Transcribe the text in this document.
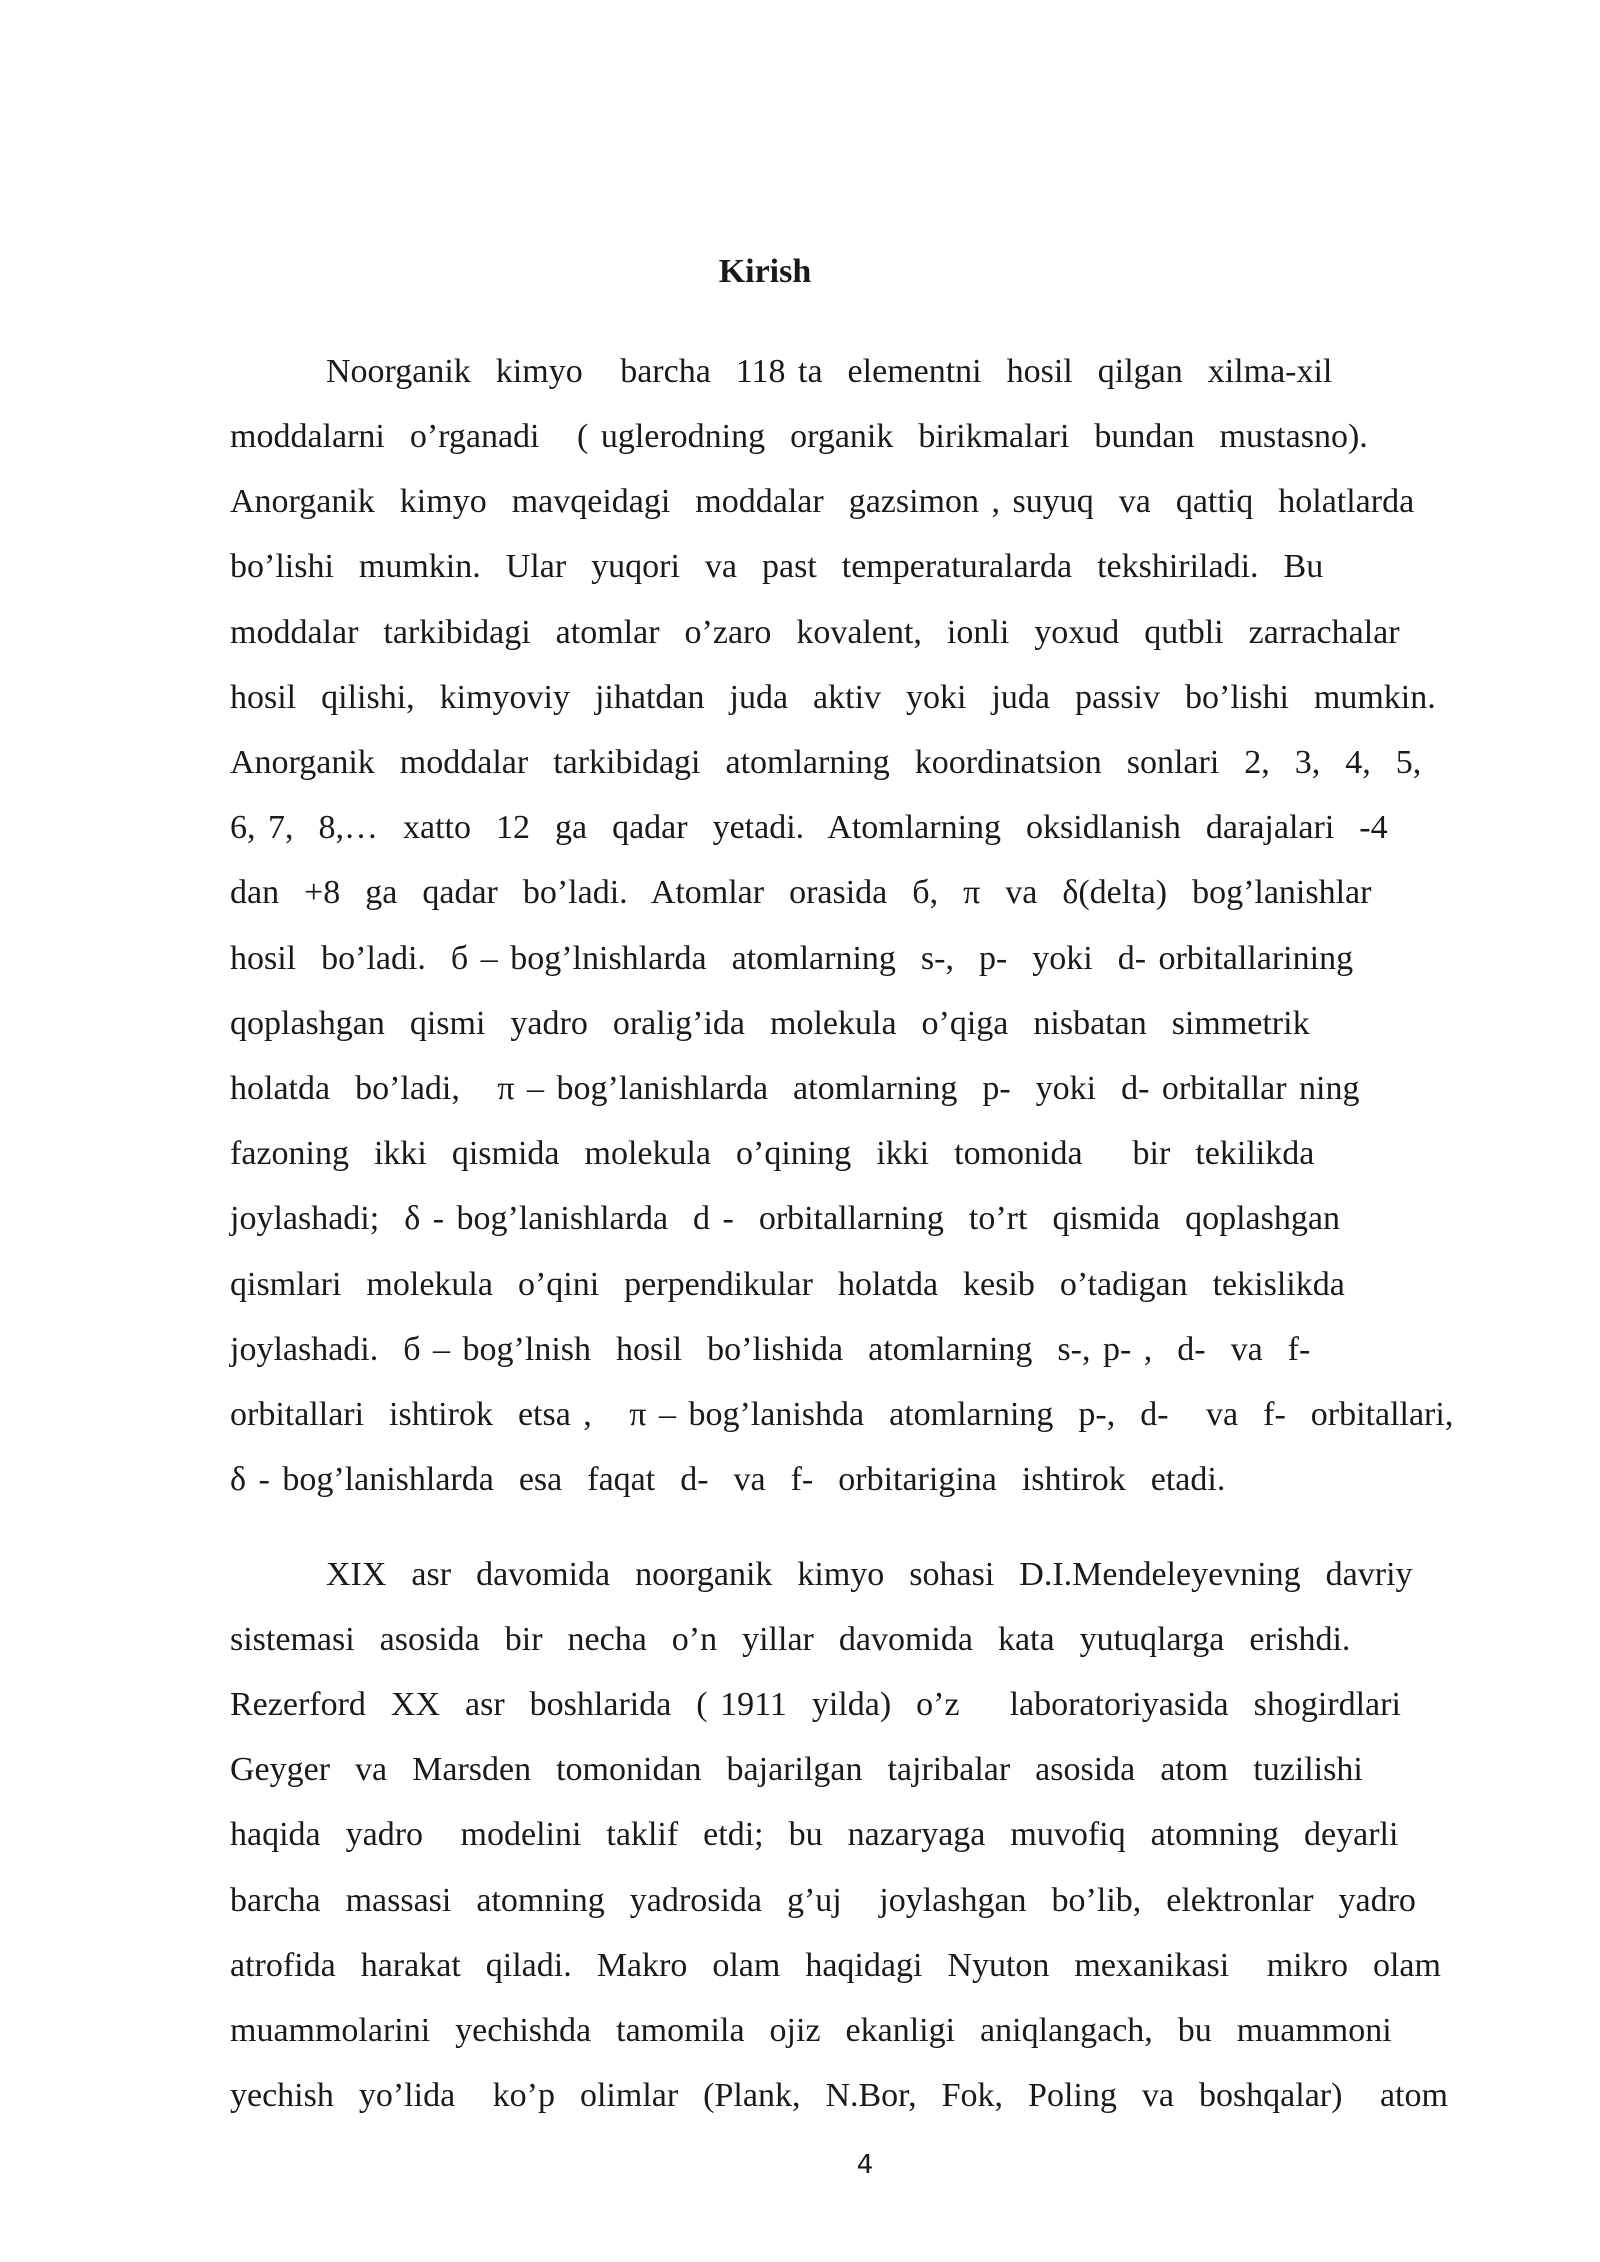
Kirish
Noorganik  kimyo   barcha  118 ta  elementni  hosil  qilgan  xilma-xil
moddalarni  o’rganadi   ( uglerodning  organik  birikmalari  bundan  mustasno).
Anorganik  kimyo  mavqeidagi  moddalar  gazsimon , suyuq  va  qattiq  holatlarda
bo’lishi  mumkin.  Ular  yuqori  va  past  temperaturalarda  tekshiriladi.  Bu
moddalar  tarkibidagi  atomlar  o’zaro  kovalent,  ionli  yoxud  qutbli  zarrachalar
hosil  qilishi,  kimyoviy  jihatdan  juda  aktiv  yoki  juda  passiv  bo’lishi  mumkin.
Anorganik  moddalar  tarkibidagi  atomlarning  koordinatsion  sonlari  2,  3,  4,  5,
6, 7,  8,…  xatto  12  ga  qadar  yetadi.  Atomlarning  oksidlanish  darajalari  -4
dan  +8  ga  qadar  bo’ladi.  Atomlar  orasida  б,  π  va  δ(delta)  bog’lanishlar
hosil  bo’ladi.  б – bog’lnishlarda  atomlarning  s-,  p-  yoki  d- orbitallarining
qoplashgan  qismi  yadro  oralig’ida  molekula  o’qiga  nisbatan  simmetrik
holatda  bo’ladi,   π – bog’lanishlarda  atomlarning  p-  yoki  d- orbitallar ning
fazoning  ikki  qismida  molekula  o’qining  ikki  tomonida    bir  tekilikda
joylashadi;  δ - bog’lanishlarda  d -  orbitallarning  to’rt  qismida  qoplashgan
qismlari  molekula  o’qini  perpendikular  holatda  kesib  o’tadigan  tekislikda
joylashadi.  б – bog’lnish  hosil  bo’lishida  atomlarning  s-, p- ,  d-  va  f-
orbitallari  ishtirok  etsa ,   π – bog’lanishda  atomlarning  p-,  d-   va  f-  orbitallari,
δ - bog’lanishlarda  esa  faqat  d-  va  f-  orbitarigina  ishtirok  etadi.
XIX  asr  davomida  noorganik  kimyo  sohasi  D.I.Mendeleyevning  davriy
sistemasi  asosida  bir  necha  o’n  yillar  davomida  kata  yutuqlarga  erishdi.
Rezerford  XX  asr  boshlarida  ( 1911  yilda)  o’z    laboratoriyasida  shogirdlari
Geyger  va  Marsden  tomonidan  bajarilgan  tajribalar  asosida  atom  tuzilishi
haqida  yadro   modelini  taklif  etdi;  bu  nazaryaga  muvofiq  atomning  deyarli
barcha  massasi  atomning  yadrosida  g’uj   joylashgan  bo’lib,  elektronlar  yadro
atrofida  harakat  qiladi.  Makro  olam  haqidagi  Nyuton  mexanikasi   mikro  olam
muammolarini  yechishda  tamomila  ojiz  ekanligi  aniqlangach,  bu  muammoni
yechish  yo’lida   ko’p  olimlar  (Plank,  N.Bor,  Fok,  Poling  va  boshqalar)   atom
4
